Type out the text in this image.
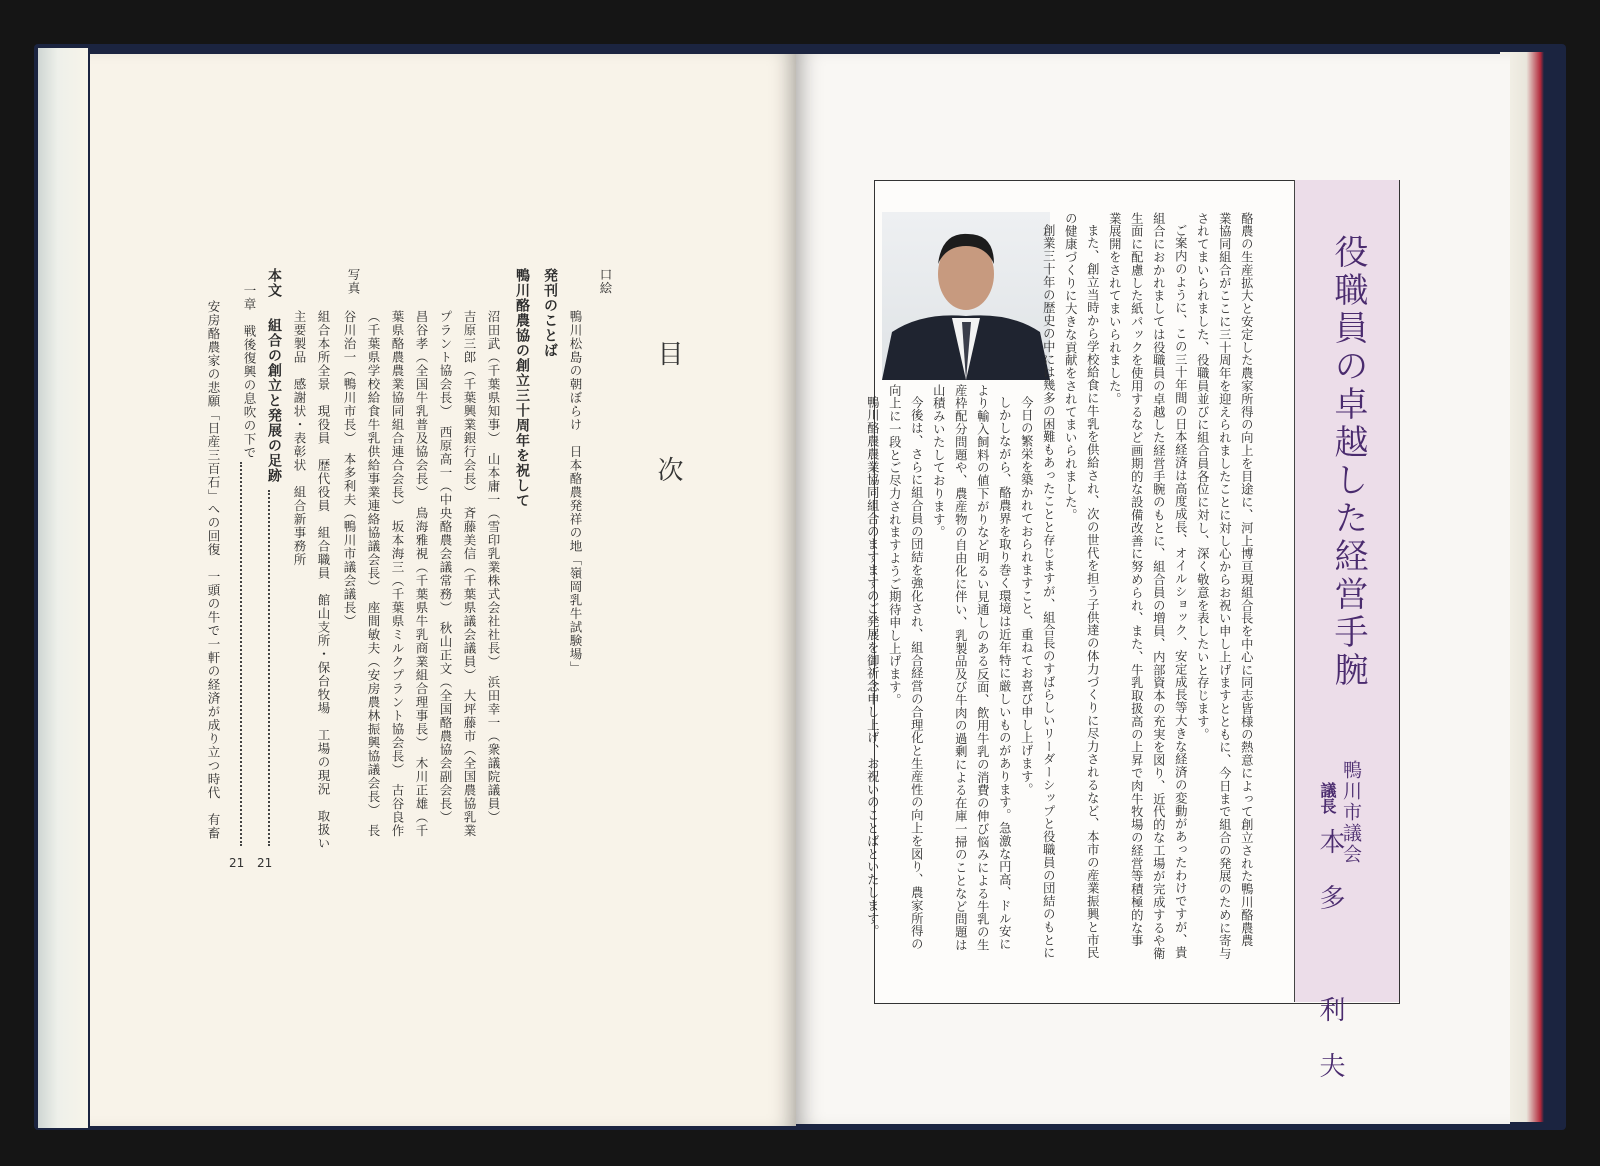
目　次
口絵
鴨川松島の朝ぼらけ　日本酪農発祥の地「嶺岡乳牛試験場」
発刊のことば
鴨川酪農協の創立三十周年を祝して
沼田武（千葉県知事）　山本庸一（雪印乳業株式会社社長）　浜田幸一（衆議院議員）
吉原三郎（千葉興業銀行会長）　斉藤美信（千葉県議会議員）　大坪藤市（全国農協乳業
プラント協会長）　西原高一（中央酪農会議常務）　秋山正文（全国酪農協会副会長）
昌谷孝（全国牛乳普及協会長）　鳥海雅視（千葉県牛乳商業組合理事長）　木川正雄（千
葉県酪農農業協同組合連合会長）　坂本海三（千葉県ミルクプラント協会長）　古谷良作
（千葉県学校給食牛乳供給事業連絡協議会長）　座間敏夫（安房農林振興協議会長）　長
谷川治一（鴨川市長）　本多利夫（鴨川市議会議長）
写真
組合本所全景　現役員　歴代役員　組合職員　館山支所・保台牧場　工場の現況　取扱い
主要製品　感謝状・表彰状　組合新事務所
本文
組合の創立と発展の足跡
21
一章　戦後復興の息吹の下で
21
安房酪農家の悲願「日産三百石」への回復　一頭の牛で一軒の経済が成り立つ時代　有畜	役職員の卓越した経営手腕
鴨川市議会
議長
本多　利夫
酪農の生産拡大と安定した農家所得の向上を目途に、河上博亘現組合長を中心に同志皆様の熱意によって創立された鴨川酪農農
業協同組合がここに三十周年を迎えられましたことに対し心からお祝い申し上げますとともに、今日まで組合の発展のために寄与
されてまいられました、役職員並びに組合員各位に対し、深く敬意を表したいと存じます。
ご案内のように、この三十年間の日本経済は高度成長、オイルショック、安定成長等大きな経済の変動があったわけですが、貴
組合におかれましては役職員の卓越した経営手腕のもとに、組合員の増員、内部資本の充実を図り、近代的な工場が完成するや衛
生面に配慮した紙パックを使用するなど画期的な設備改善に努められ、また、牛乳取扱高の上昇で肉牛牧場の経営等積極的な事
業展開をされてまいられました。
また、創立当時から学校給食に牛乳を供給され、次の世代を担う子供達の体力づくりに尽力されるなど、本市の産業振興と市民
の健康づくりに大きな貢献をされてまいられました。
創業三十年の歴史の中には幾多の困難もあったことと存じますが、組合長のすばらしいリーダーシップと役職員の団結のもとに
今日の繁栄を築かれておられますこと、重ねてお喜び申し上げます。
しかしながら、酪農界を取り巻く環境は近年特に厳しいものがあります。急激な円高、ドル安に
より輸入飼料の値下がりなど明るい見通しのある反面、飲用牛乳の消費の伸び悩みによる牛乳の生
産枠配分問題や、農産物の自由化に伴い、乳製品及び牛肉の過剰による在庫一掃のことなど問題は
山積みいたしております。
今後は、さらに組合員の団結を強化され、組合経営の合理化と生産性の向上を図り、農家所得の
向上に一段とご尽力されますようご期待申し上げます。
鴨川酪農農業協同組合のますますのご発展を御祈念申し上げ、お祝いのことばといたします。
